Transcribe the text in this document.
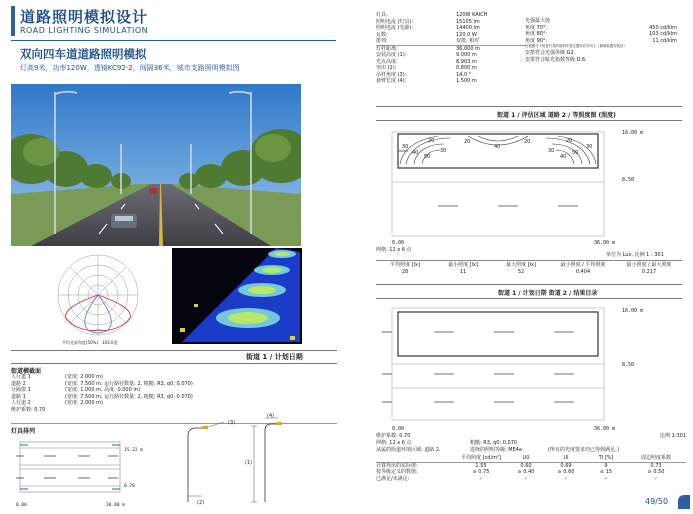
道路照明模拟设计
ROAD LIGHTING SIMULATION
双向四车道道路照明模拟
灯高9米，功率120W，透镜KC92-2，间隔36米，城市支路照明模拟图
平均光束角度(50%)：103.0度
街道 1 / 计划日期
街道横截面
人行道 1	(宽度: 2.000 m)
道路 2	(宽度: 7.500 m, 运行路径数量: 2, 粗糙: R3, q0: 0.070)
分隔带 1	(宽度: 1.000 m, 高度: 0.000 m)
道路 1	(宽度: 7.500 m, 运行路径数量: 2, 粗糙: R3, q0: 0.070)
人行道 2	(宽度: 2.000 m)
维护系数: 0.70
灯具排列
15.22 m
0.78
0.00	36.00 m
(1)
(2)
(3)
(4)
灯具:	120W KAICH
照明电流 (灯具):	15105 lm
照明电流 (光源):	14400 lm
瓦数:	120.0 W
排列:	双排, 相对
灯杆距离:	36.000 m
安装高度 (1):	9.000 m
光点高度:	8.903 m
突出 (2):	0.800 m
吊杆角度 (3):	14.0 °
悬臂长度 (4):	1.500 m
光强最大值
角度 70°:	450 cd/klm
角度 80°:	103 cd/klm
角度 90°:	11 cd/klm
在根据与下班者灯具的规则安装位置所有方向上（照明装置安装后）
安排符合光强等级 G2.
安排符合眩光指数等级 D.6.
街道 1 / 评估区域 道路 2 / 等照度图 (照度)
30
40
20
50
30
20
40
20
30
40
50
20
30
16.00 m
8.50
0.00	36.00 m
网格: 12 x 6 点
单位为 Lux, 比例 1 : 301
平均照度 [lx]	最小照度 [lx]	最大照度 [lx]	最小照度 / 平均照度	最小照度 / 最大照度
28	11	52	0.404	0.217
街道 1 / 计划日期 街道 2 / 结果目录
16.00 m
8.50
0.00	36.00 m
维护系数: 0.70	比例 1:301
网格: 12 x 6 点	粗糙: R3, q0: 0.070
从属的街道环境区域: 道路 2.	选择的照明等级: ME4a	(所有的光度要求均已得到满足。)
平均照度 [cd/m²]	U0	Ul	TI [%]	周边照度系数
计算得出的实际值:	1.55	0.60	0.69	9	0.73
按等级定义的数值:	≥ 0.75	≥ 0.40	≥ 0.60	≤ 15	≥ 0.50
已满足/未满足:	✓	✓	✓	✓	✓
49/50
